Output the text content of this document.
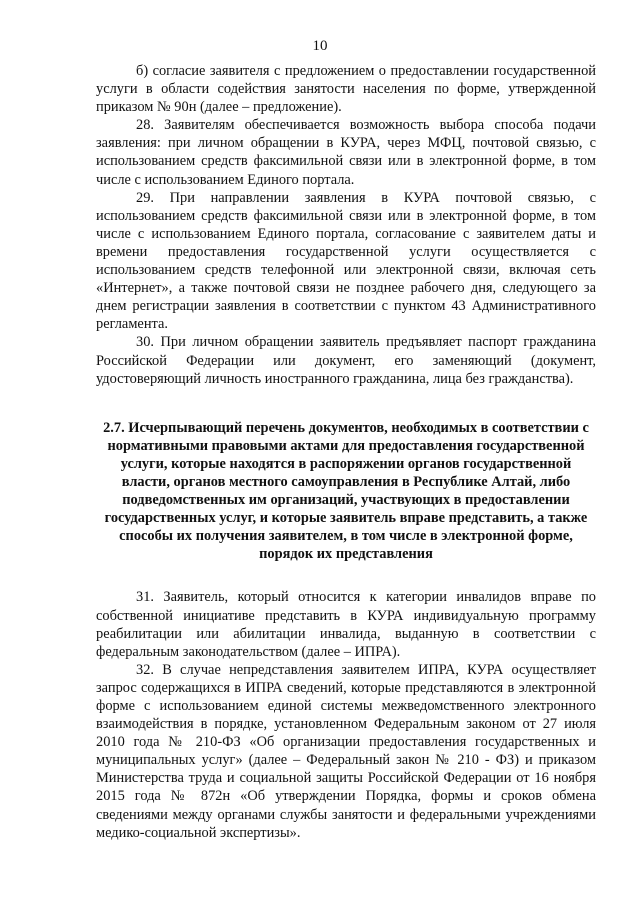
10

б) согласие заявителя с предложением о предоставлении государственной услуги в области содействия занятости населения по форме, утвержденной приказом № 90н (далее – предложение).

28. Заявителям обеспечивается возможность выбора способа подачи заявления: при личном обращении в КУРА, через МФЦ, почтовой связью, с использованием средств факсимильной связи или в электронной форме, в том числе с использованием Единого портала.

29. При направлении заявления в КУРА почтовой связью, с использованием средств факсимильной связи или в электронной форме, в том числе с использованием Единого портала, согласование с заявителем даты и времени предоставления государственной услуги осуществляется с использованием средств телефонной или электронной связи, включая сеть «Интернет», а также почтовой связи не позднее рабочего дня, следующего за днем регистрации заявления в соответствии с пунктом 43 Административного регламента.

30. При личном обращении заявитель предъявляет паспорт гражданина Российской Федерации или документ, его заменяющий (документ, удостоверяющий личность иностранного гражданина, лица без гражданства).

2.7. Исчерпывающий перечень документов, необходимых в соответствии с нормативными правовыми актами для предоставления государственной услуги, которые находятся в распоряжении органов государственной власти, органов местного самоуправления в Республике Алтай, либо подведомственных им организаций, участвующих в предоставлении государственных услуг, и которые заявитель вправе представить, а также способы их получения заявителем, в том числе в электронной форме, порядок их представления

31. Заявитель, который относится к категории инвалидов вправе по собственной инициативе представить в КУРА индивидуальную программу реабилитации или абилитации инвалида, выданную в соответствии с федеральным законодательством (далее – ИПРА).

32. В случае непредставления заявителем ИПРА, КУРА осуществляет запрос содержащихся в ИПРА сведений, которые представляются в электронной форме с использованием единой системы межведомственного электронного взаимодействия в порядке, установленном Федеральным законом от 27 июля 2010 года № 210-ФЗ «Об организации предоставления государственных и муниципальных услуг» (далее – Федеральный закон № 210 - ФЗ) и приказом Министерства труда и социальной защиты Российской Федерации от 16 ноября 2015 года № 872н «Об утверждении Порядка, формы и сроков обмена сведениями между органами службы занятости и федеральными учреждениями медико-социальной экспертизы».
